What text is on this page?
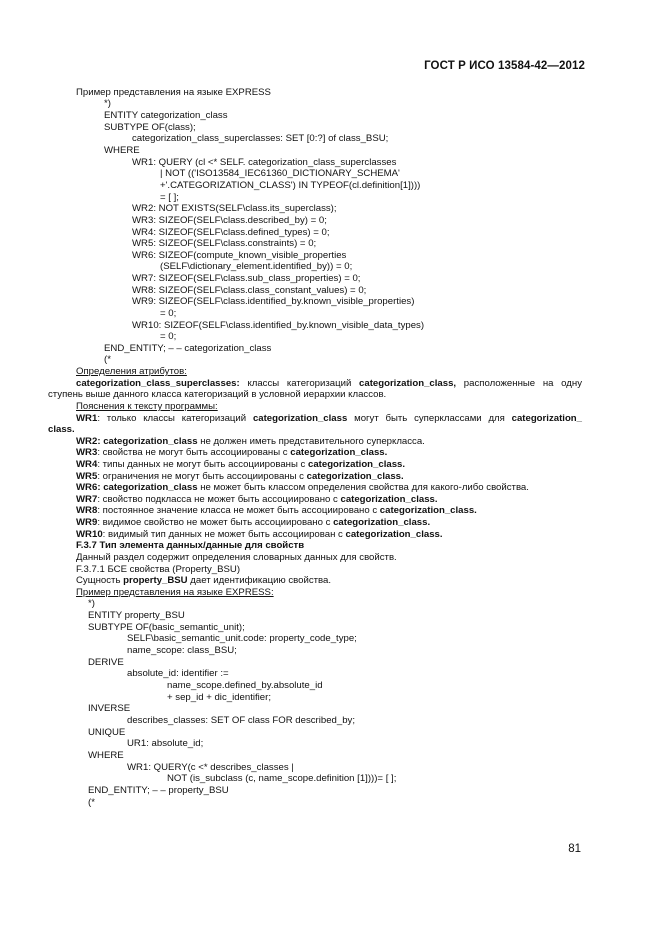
ГОСТ Р ИСО 13584-42—2012
Пример представления на языке EXPRESS
*)
ENTITY categorization_class
SUBTYPE OF(class);
categorization_class_superclasses: SET [0:?] of class_BSU;
WHERE
WR1: QUERY (cl <* SELF. categorization_class_superclasses
| NOT (('ISO13584_IEC61360_DICTIONARY_SCHEMA'
+'.CATEGORIZATION_CLASS') IN TYPEOF(cl.definition[1])))
= [ ];
WR2: NOT EXISTS(SELF\class.its_superclass);
WR3: SIZEOF(SELF\class.described_by) = 0;
WR4: SIZEOF(SELF\class.defined_types) = 0;
WR5: SIZEOF(SELF\class.constraints) = 0;
WR6: SIZEOF(compute_known_visible_properties
(SELF\dictionary_element.identified_by)) = 0;
WR7: SIZEOF(SELF\class.sub_class_properties) = 0;
WR8: SIZEOF(SELF\class.class_constant_values) = 0;
WR9: SIZEOF(SELF\class.identified_by.known_visible_properties)
= 0;
WR10: SIZEOF(SELF\class.identified_by.known_visible_data_types)
= 0;
END_ENTITY; – – categorization_class
(*
Определения атрибутов:
categorization_class_superclasses: классы категоризаций categorization_class, расположенные на одну
ступень выше данного класса категоризаций в условной иерархии классов.
Пояснения к тексту программы:
WR1: только классы категоризаций categorization_class могут быть суперклассами для categorization_
class.
WR2: categorization_class не должен иметь представительного суперкласса.
WR3: свойства не могут быть ассоциированы с categorization_class.
WR4: типы данных не могут быть ассоциированы с categorization_class.
WR5: ограничения не могут быть ассоциированы с categorization_class.
WR6: categorization_class не может быть классом определения свойства для какого-либо свойства.
WR7: свойство подкласса не может быть ассоциировано с categorization_class.
WR8: постоянное значение класса не может быть ассоциировано с categorization_class.
WR9: видимое свойство не может быть ассоциировано с categorization_class.
WR10: видимый тип данных не может быть ассоциирован с categorization_class.
F.3.7 Тип элемента данных/данные для свойств
Данный раздел содержит определения словарных данных для свойств.
F.3.7.1 БСЕ свойства (Property_BSU)
Сущность property_BSU дает идентификацию свойства.
Пример представления на языке EXPRESS:
*)
ENTITY property_BSU
SUBTYPE OF(basic_semantic_unit);
SELF\basic_semantic_unit.code: property_code_type;
name_scope: class_BSU;
DERIVE
absolute_id: identifier :=
name_scope.defined_by.absolute_id
+ sep_id + dic_identifier;
INVERSE
describes_classes: SET OF class FOR described_by;
UNIQUE
UR1: absolute_id;
WHERE
WR1: QUERY(c <* describes_classes |
NOT (is_subclass (c, name_scope.definition [1])))= [ ];
END_ENTITY; – – property_BSU
(*
81
